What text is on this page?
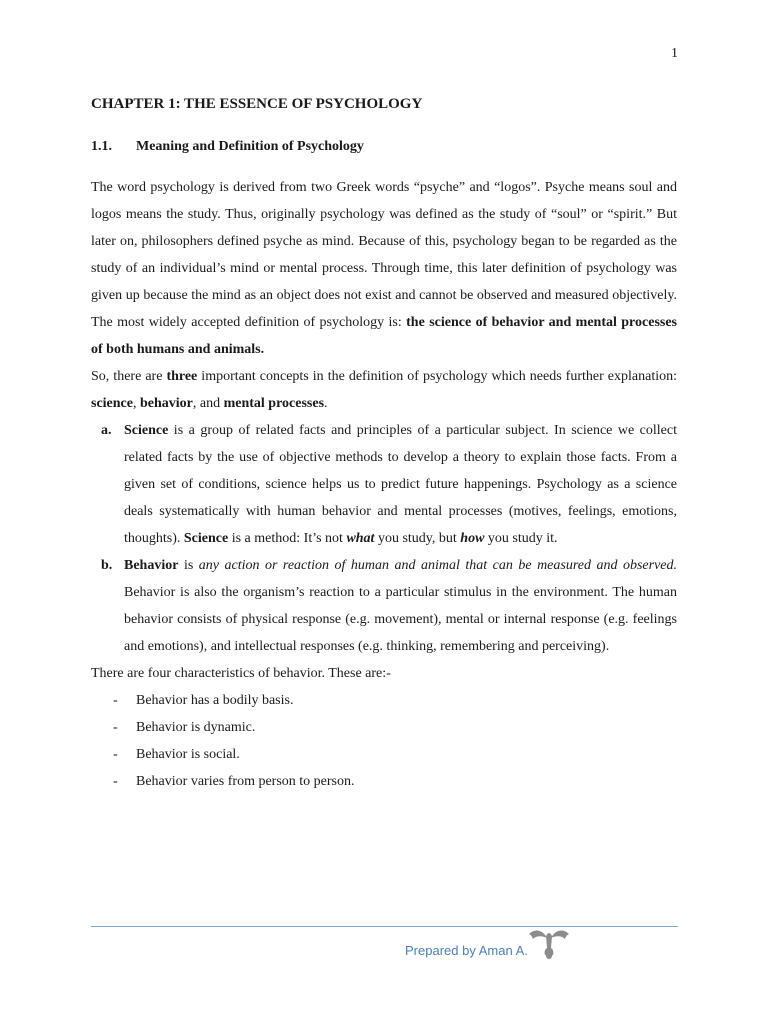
1
CHAPTER 1: THE ESSENCE OF PSYCHOLOGY
1.1. Meaning and Definition of Psychology

The word psychology is derived from two Greek words “psyche” and “logos”. Psyche means soul and logos means the study. Thus, originally psychology was defined as the study of “soul” or “spirit.” But later on, philosophers defined psyche as mind. Because of this, psychology began to be regarded as the study of an individual’s mind or mental process. Through time, this later definition of psychology was given up because the mind as an object does not exist and cannot be observed and measured objectively. The most widely accepted definition of psychology is: the science of behavior and mental processes of both humans and animals.

So, there are three important concepts in the definition of psychology which needs further explanation: science, behavior, and mental processes.

a. Science is a group of related facts and principles of a particular subject. In science we collect related facts by the use of objective methods to develop a theory to explain those facts. From a given set of conditions, science helps us to predict future happenings. Psychology as a science deals systematically with human behavior and mental processes (motives, feelings, emotions, thoughts). Science is a method: It’s not what you study, but how you study it.
b. Behavior is any action or reaction of human and animal that can be measured and observed. Behavior is also the organism’s reaction to a particular stimulus in the environment. The human behavior consists of physical response (e.g. movement), mental or internal response (e.g. feelings and emotions), and intellectual responses (e.g. thinking, remembering and perceiving).

There are four characteristics of behavior. These are:-

- Behavior has a bodily basis.
- Behavior is dynamic.
- Behavior is social.
- Behavior varies from person to person.
Prepared by Aman A.
